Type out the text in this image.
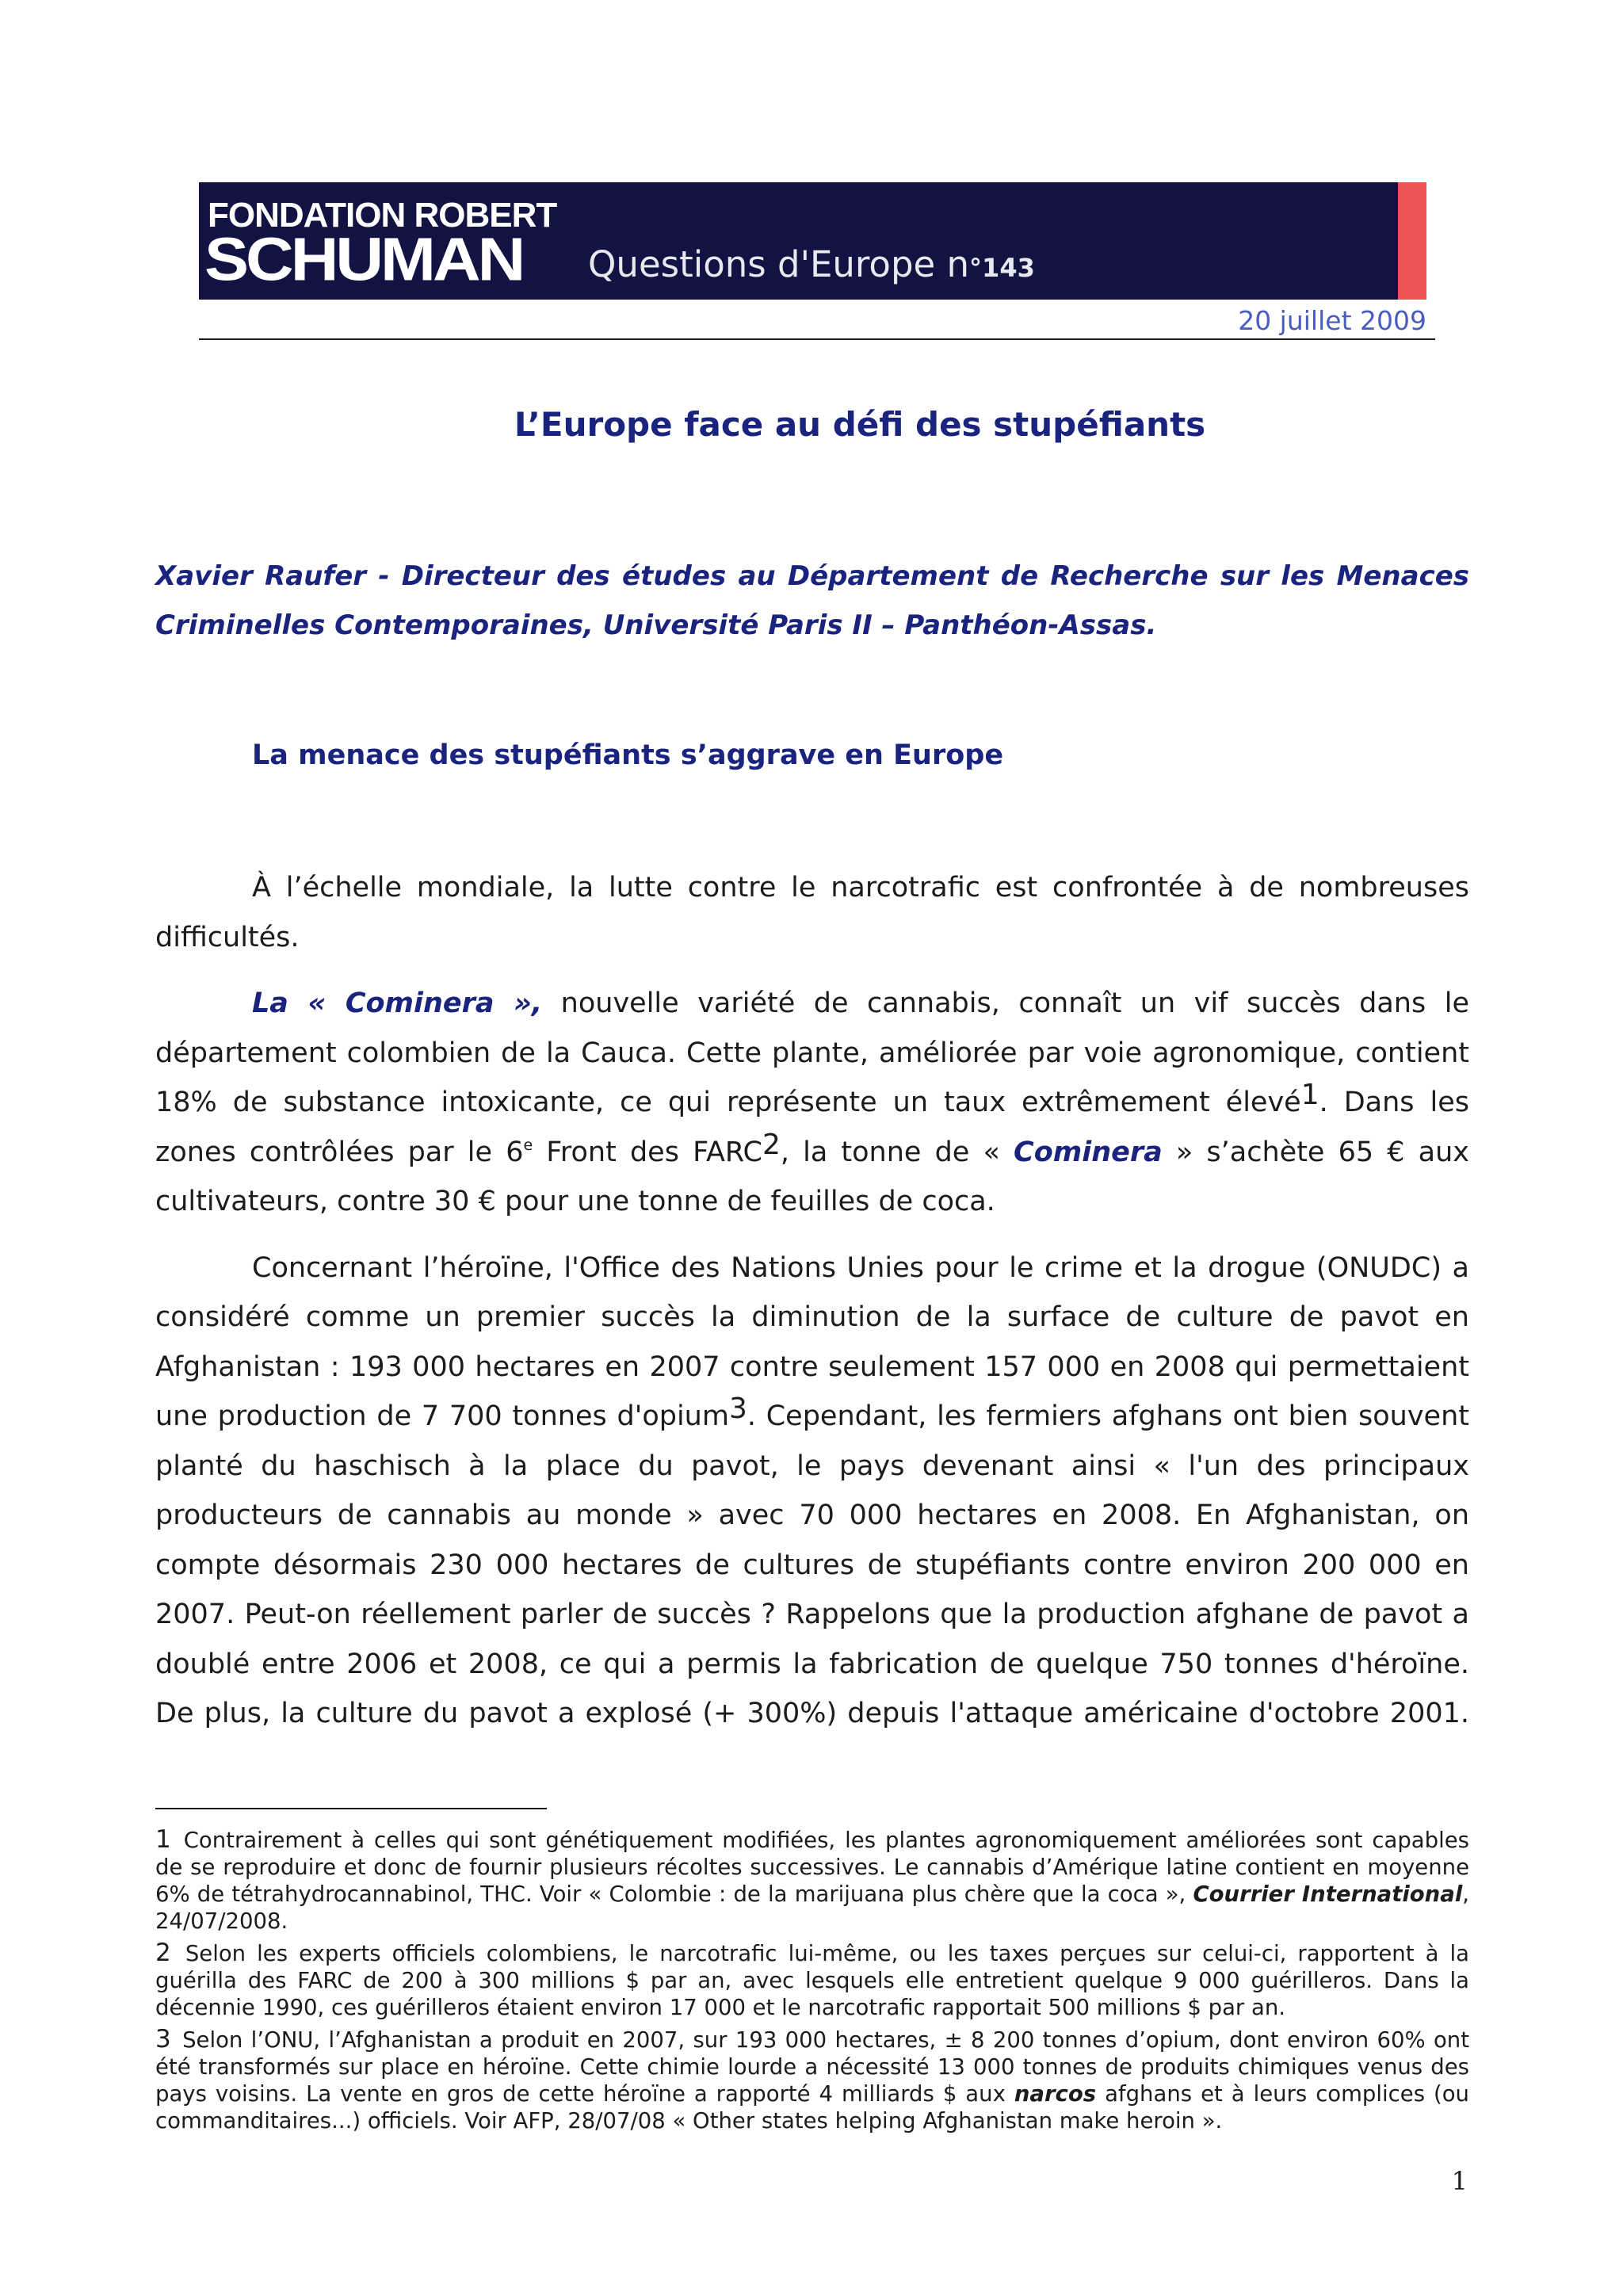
FONDATION ROBERT
SCHUMAN Questions d'Europe n°143
20 juillet 2009
L’Europe face au défi des stupéfiants
Xavier Raufer - Directeur des études au Département de Recherche sur les Menaces Criminelles Contemporaines, Université Paris II – Panthéon-Assas.
La menace des stupéfiants s’aggrave en Europe

À l’échelle mondiale, la lutte contre le narcotrafic est confrontée à de nombreuses difficultés.

La « Cominera », nouvelle variété de cannabis, connaît un vif succès dans le département colombien de la Cauca. Cette plante, améliorée par voie agronomique, contient 18% de substance intoxicante, ce qui représente un taux extrêmement élevé1. Dans les zones contrôlées par le 6e Front des FARC2, la tonne de « Cominera » s’achète 65 € aux cultivateurs, contre 30 € pour une tonne de feuilles de coca.

Concernant l’héroïne, l'Office des Nations Unies pour le crime et la drogue (ONUDC) a considéré comme un premier succès la diminution de la surface de culture de pavot en Afghanistan : 193 000 hectares en 2007 contre seulement 157 000 en 2008 qui permettaient une production de 7 700 tonnes d'opium3. Cependant, les fermiers afghans ont bien souvent planté du haschisch à la place du pavot, le pays devenant ainsi « l'un des principaux producteurs de cannabis au monde » avec 70 000 hectares en 2008. En Afghanistan, on compte désormais 230 000 hectares de cultures de stupéfiants contre environ 200 000 en 2007. Peut-on réellement parler de succès ? Rappelons que la production afghane de pavot a doublé entre 2006 et 2008, ce qui a permis la fabrication de quelque 750 tonnes d'héroïne. De plus, la culture du pavot a explosé (+ 300%) depuis l'attaque américaine d'octobre 2001.

1 Contrairement à celles qui sont génétiquement modifiées, les plantes agronomiquement améliorées sont capables de se reproduire et donc de fournir plusieurs récoltes successives. Le cannabis d’Amérique latine contient en moyenne 6% de tétrahydrocannabinol, THC. Voir « Colombie : de la marijuana plus chère que la coca », Courrier International, 24/07/2008.

2 Selon les experts officiels colombiens, le narcotrafic lui-même, ou les taxes perçues sur celui-ci, rapportent à la guérilla des FARC de 200 à 300 millions $ par an, avec lesquels elle entretient quelque 9 000 guérilleros. Dans la décennie 1990, ces guérilleros étaient environ 17 000 et le narcotrafic rapportait 500 millions $ par an.

3 Selon l’ONU, l’Afghanistan a produit en 2007, sur 193 000 hectares, ± 8 200 tonnes d’opium, dont environ 60% ont été transformés sur place en héroïne. Cette chimie lourde a nécessité 13 000 tonnes de produits chimiques venus des pays voisins. La vente en gros de cette héroïne a rapporté 4 milliards $ aux narcos afghans et à leurs complices (ou commanditaires...) officiels. Voir AFP, 28/07/08 « Other states helping Afghanistan make heroin ».

1
